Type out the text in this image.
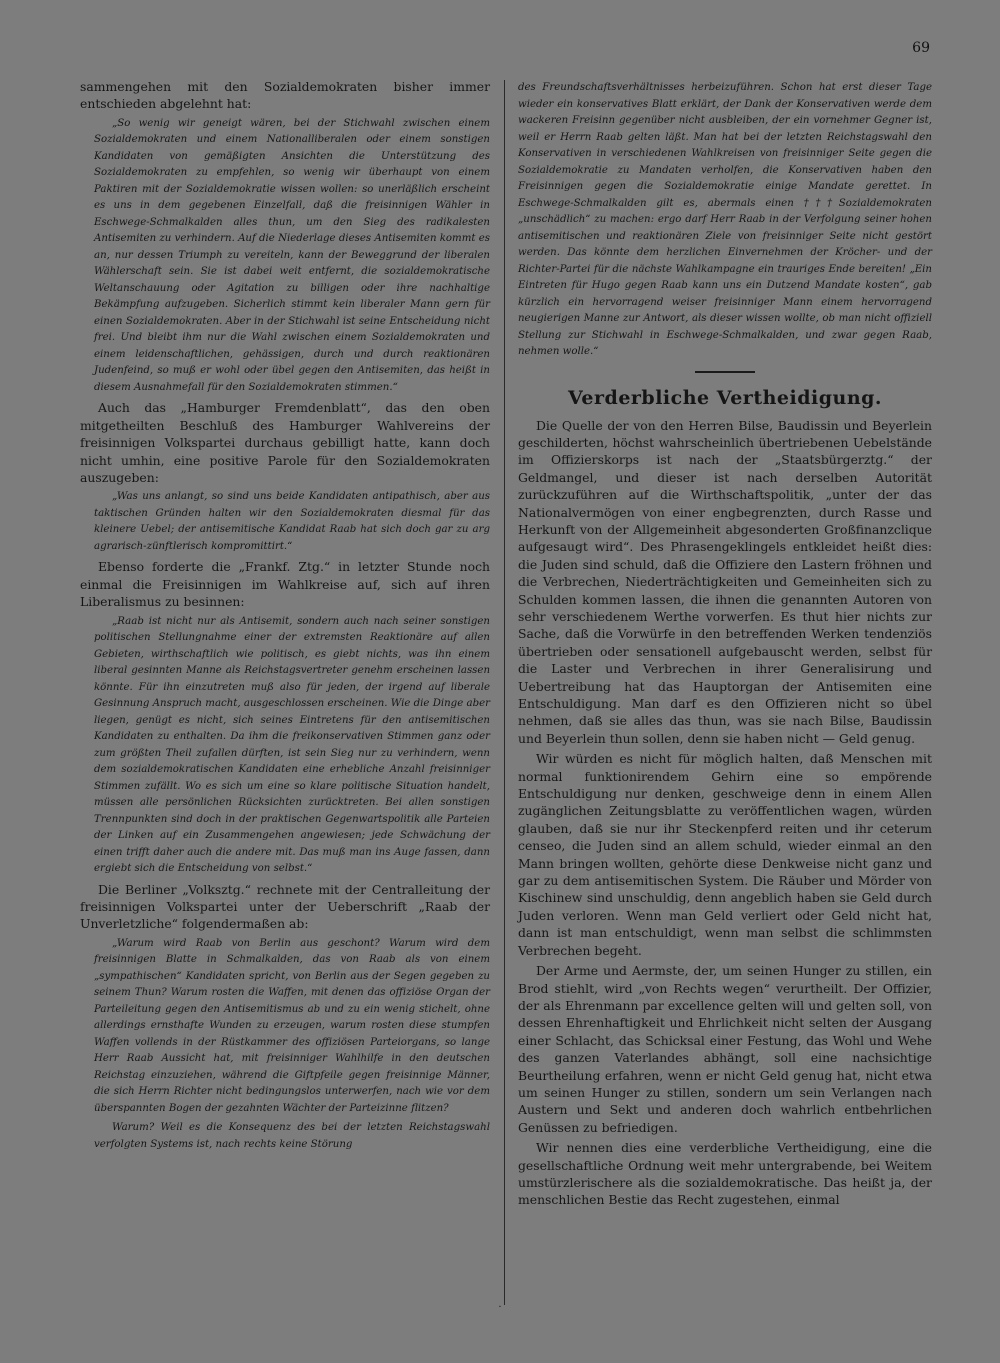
69

sammengehen mit den Sozialdemokraten bisher immer entschieden abgelehnt hat:

„So wenig wir geneigt wären, bei der Stichwahl zwischen einem Sozialdemokraten und einem Nationalliberalen oder einem sonstigen Kandidaten von gemäßigten Ansichten die Unterstützung des Sozialdemokraten zu empfehlen, so wenig wir überhaupt von einem Paktiren mit der Sozialdemokratie wissen wollen: so unerläßlich erscheint es uns in dem gegebenen Einzelfall, daß die freisinnigen Wähler in Eschwege-Schmalkalden alles thun, um den Sieg des radikalesten Antisemiten zu verhindern. Auf die Niederlage dieses Antisemiten kommt es an, nur dessen Triumph zu vereiteln, kann der Beweggrund der liberalen Wählerschaft sein. Sie ist dabei weit entfernt, die sozialdemokratische Weltanschauung oder Agitation zu billigen oder ihre nachhaltige Bekämpfung aufzugeben. Sicherlich stimmt kein liberaler Mann gern für einen Sozialdemokraten. Aber in der Stichwahl ist seine Entscheidung nicht frei. Und bleibt ihm nur die Wahl zwischen einem Sozialdemokraten und einem leidenschaftlichen, gehässigen, durch und durch reaktionären Judenfeind, so muß er wohl oder übel gegen den Antisemiten, das heißt in diesem Ausnahmefall für den Sozialdemokraten stimmen.“

Auch das „Hamburger Fremdenblatt“, das den oben mitgetheilten Beschluß des Hamburger Wahlvereins der freisinnigen Volkspartei durchaus gebilligt hatte, kann doch nicht umhin, eine positive Parole für den Sozialdemokraten auszugeben:

„Was uns anlangt, so sind uns beide Kandidaten antipathisch, aber aus taktischen Gründen halten wir den Sozialdemokraten diesmal für das kleinere Uebel; der antisemitische Kandidat Raab hat sich doch gar zu arg agrarisch-zünftlerisch kompromittirt.“

Ebenso forderte die „Frankf. Ztg.“ in letzter Stunde noch einmal die Freisinnigen im Wahlkreise auf, sich auf ihren Liberalismus zu besinnen:

„Raab ist nicht nur als Antisemit, sondern auch nach seiner sonstigen politischen Stellungnahme einer der extremsten Reaktionäre auf allen Gebieten, wirthschaftlich wie politisch, es giebt nichts, was ihn einem liberal gesinnten Manne als Reichstagsvertreter genehm erscheinen lassen könnte. Für ihn einzutreten muß also für jeden, der irgend auf liberale Gesinnung Anspruch macht, ausgeschlossen erscheinen. Wie die Dinge aber liegen, genügt es nicht, sich seines Eintretens für den antisemitischen Kandidaten zu enthalten. Da ihm die freikonservativen Stimmen ganz oder zum größten Theil zufallen dürften, ist sein Sieg nur zu verhindern, wenn dem sozialdemokratischen Kandidaten eine erhebliche Anzahl freisinniger Stimmen zufällt. Wo es sich um eine so klare politische Situation handelt, müssen alle persönlichen Rücksichten zurücktreten. Bei allen sonstigen Trennpunkten sind doch in der praktischen Gegenwartspolitik alle Parteien der Linken auf ein Zusammengehen angewiesen; jede Schwächung der einen trifft daher auch die andere mit. Das muß man ins Auge fassen, dann ergiebt sich die Entscheidung von selbst.“

Die Berliner „Volksztg.“ rechnete mit der Centralleitung der freisinnigen Volkspartei unter der Ueberschrift „Raab der Unverletzliche“ folgendermaßen ab:

„Warum wird Raab von Berlin aus geschont? Warum wird dem freisinnigen Blatte in Schmalkalden, das von Raab als von einem „sympathischen“ Kandidaten spricht, von Berlin aus der Segen gegeben zu seinem Thun? Warum rosten die Waffen, mit denen das offiziöse Organ der Parteileitung gegen den Antisemitismus ab und zu ein wenig stichelt, ohne allerdings ernsthafte Wunden zu erzeugen, warum rosten diese stumpfen Waffen vollends in der Rüstkammer des offiziösen Parteiorgans, so lange Herr Raab Aussicht hat, mit freisinniger Wahlhilfe in den deutschen Reichstag einzuziehen, während die Giftpfeile gegen freisinnige Männer, die sich Herrn Richter nicht bedingungslos unterwerfen, nach wie vor dem überspannten Bogen der gezahnten Wächter der Parteizinne flitzen?

Warum? Weil es die Konsequenz des bei der letzten Reichstagswahl verfolgten Systems ist, nach rechts keine Störung

des Freundschaftsverhältnisses herbeizuführen. Schon hat erst dieser Tage wieder ein konservatives Blatt erklärt, der Dank der Konservativen werde dem wackeren Freisinn gegenüber nicht ausbleiben, der ein vornehmer Gegner ist, weil er Herrn Raab gelten läßt. Man hat bei der letzten Reichstagswahl den Konservativen in verschiedenen Wahlkreisen von freisinniger Seite gegen die Sozialdemokratie zu Mandaten verholfen, die Konservativen haben den Freisinnigen gegen die Sozialdemokratie einige Mandate gerettet. In Eschwege-Schmalkalden gilt es, abermals einen †††Sozialdemokraten „unschädlich“ zu machen: ergo darf Herr Raab in der Verfolgung seiner hohen antisemitischen und reaktionären Ziele von freisinniger Seite nicht gestört werden. Das könnte dem herzlichen Einvernehmen der Kröcher- und der Richter-Partei für die nächste Wahlkampagne ein trauriges Ende bereiten! „Ein Eintreten für Hugo gegen Raab kann uns ein Dutzend Mandate kosten“, gab kürzlich ein hervorragend weiser freisinniger Mann einem hervorragend neugierigen Manne zur Antwort, als dieser wissen wollte, ob man nicht offiziell Stellung zur Stichwahl in Eschwege-Schmalkalden, und zwar gegen Raab, nehmen wolle.“

Verderbliche Vertheidigung.

Die Quelle der von den Herren Bilse, Baudissin und Beyerlein geschilderten, höchst wahrscheinlich übertriebenen Uebelstände im Offizierskorps ist nach der „Staatsbürgerztg.“ der Geldmangel, und dieser ist nach derselben Autorität zurückzuführen auf die Wirthschaftspolitik, „unter der das Nationalvermögen von einer engbegrenzten, durch Rasse und Herkunft von der Allgemeinheit abgesonderten Großfinanzclique aufgesaugt wird“. Des Phrasengeklingels entkleidet heißt dies: die Juden sind schuld, daß die Offiziere den Lastern fröhnen und die Verbrechen, Niederträchtigkeiten und Gemeinheiten sich zu Schulden kommen lassen, die ihnen die genannten Autoren von sehr verschiedenem Werthe vorwerfen. Es thut hier nichts zur Sache, daß die Vorwürfe in den betreffenden Werken tendenziös übertrieben oder sensationell aufgebauscht werden, selbst für die Laster und Verbrechen in ihrer Generalisirung und Uebertreibung hat das Hauptorgan der Antisemiten eine Entschuldigung. Man darf es den Offizieren nicht so übel nehmen, daß sie alles das thun, was sie nach Bilse, Baudissin und Beyerlein thun sollen, denn sie haben nicht — Geld genug.

Wir würden es nicht für möglich halten, daß Menschen mit normal funktionirendem Gehirn eine so empörende Entschuldigung nur denken, geschweige denn in einem Allen zugänglichen Zeitungsblatte zu veröffentlichen wagen, würden glauben, daß sie nur ihr Steckenpferd reiten und ihr ceterum censeo, die Juden sind an allem schuld, wieder einmal an den Mann bringen wollten, gehörte diese Denkweise nicht ganz und gar zu dem antisemitischen System. Die Räuber und Mörder von Kischinew sind unschuldig, denn angeblich haben sie Geld durch Juden verloren. Wenn man Geld verliert oder Geld nicht hat, dann ist man entschuldigt, wenn man selbst die schlimmsten Verbrechen begeht.

Der Arme und Aermste, der, um seinen Hunger zu stillen, ein Brod stiehlt, wird „von Rechts wegen“ verurtheilt. Der Offizier, der als Ehrenmann par excellence gelten will und gelten soll, von dessen Ehrenhaftigkeit und Ehrlichkeit nicht selten der Ausgang einer Schlacht, das Schicksal einer Festung, das Wohl und Wehe des ganzen Vaterlandes abhängt, soll eine nachsichtige Beurtheilung erfahren, wenn er nicht Geld genug hat, nicht etwa um seinen Hunger zu stillen, sondern um sein Verlangen nach Austern und Sekt und anderen doch wahrlich entbehrlichen Genüssen zu befriedigen.

Wir nennen dies eine verderbliche Vertheidigung, eine die gesellschaftliche Ordnung weit mehr untergrabende, bei Weitem umstürzlerischere als die sozialdemokratische. Das heißt ja, der menschlichen Bestie das Recht zugestehen, einmal

·
